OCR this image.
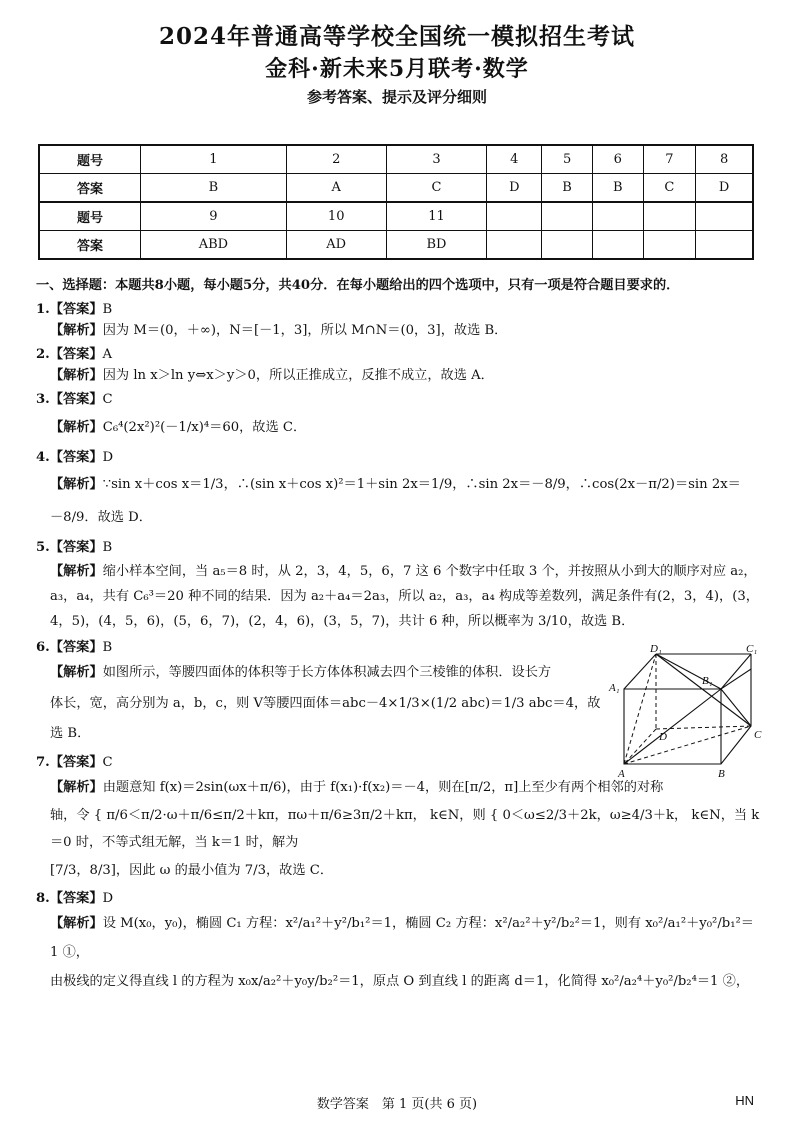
2024年普通高等学校全国统一模拟招生考试
金科·新未来5月联考·数学
参考答案、提示及评分细则
题号	1	2	3	4	5	6	7	8
答案	B	A	C	D	B	B	C	D
题号	9	10	11					
答案	ABD	AD	BD					
一、选择题：本题共8小题，每小题5分，共40分．在每小题给出的四个选项中，只有一项是符合题目要求的．
1.【答案】B
【解析】因为 M＝(0，＋∞)，N＝[－1，3]，所以 M∩N＝(0，3]，故选 B．
2.【答案】A
【解析】因为 ln x＞ln y⇔x＞y＞0，所以正推成立，反推不成立，故选 A．
3.【答案】C
【解析】C₆⁴(2x²)²(－1/x)⁴＝60，故选 C．
4.【答案】D
【解析】∵sin x＋cos x＝1/3，∴(sin x＋cos x)²＝1＋sin 2x＝1/9，∴sin 2x＝－8/9，∴cos(2x－π/2)＝sin 2x＝
－8/9．故选 D．
5.【答案】B
【解析】缩小样本空间，当 a₅＝8 时，从 2，3，4，5，6，7 这 6 个数字中任取 3 个，并按照从小到大的顺序对应 a₂，
a₃，a₄，共有 C₆³＝20 种不同的结果．因为 a₂＋a₄＝2a₃，所以 a₂，a₃，a₄ 构成等差数列，满足条件有(2，3，4)，(3，
4，5)，(4，5，6)，(5，6，7)，(2，4，6)，(3，5，7)，共计 6 种，所以概率为 3/10，故选 B．
6.【答案】B
【解析】如图所示，等腰四面体的体积等于长方体体积减去四个三棱锥的体积．设长方
体长，宽，高分别为 a，b，c，则 V等腰四面体＝abc－4×1/3×(1/2 abc)＝1/3 abc＝4，故选 B．
7.【答案】C
【解析】由题意知 f(x)＝2sin(ωx＋π/6)，由于 f(x₁)·f(x₂)＝－4，则在[π/2，π]上至少有两个相邻的对称
轴，令 { π/6＜π/2·ω＋π/6≤π/2＋kπ，πω＋π/6≥3π/2＋kπ， k∈N，则 { 0＜ω≤2/3＋2k，ω≥4/3＋k， k∈N，当 k＝0 时，不等式组无解，当 k＝1 时，解为
[7/3，8/3]，因此 ω 的最小值为 7/3，故选 C．
8.【答案】D
【解析】设 M(x₀，y₀)，椭圆 C₁ 方程：x²/a₁²＋y²/b₁²＝1，椭圆 C₂ 方程：x²/a₂²＋y²/b₂²＝1，则有 x₀²/a₁²＋y₀²/b₁²＝1 ①，
由极线的定义得直线 l 的方程为 x₀x/a₂²＋y₀y/b₂²＝1，原点 O 到直线 l 的距离 d＝1，化简得 x₀²/a₂⁴＋y₀²/b₂⁴＝1 ②，
D₁	C₁
A₁
B₁
D	C
A	B
数学答案　第 1 页(共 6 页)	HN
